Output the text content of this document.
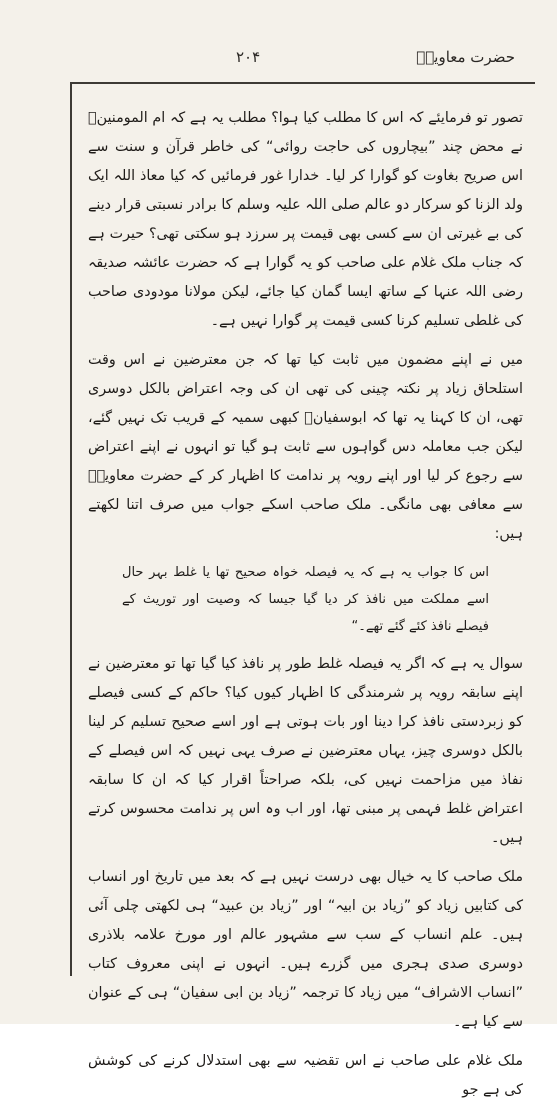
حضرت معاویہؓ
۲۰۴

تصور تو فرمایئے کہ اس کا مطلب کیا ہوا؟ مطلب یہ ہے کہ ام المومنینؓ نے محض چند ”بیچاروں کی حاجت روائی“ کی خاطر قرآن و سنت سے اس صریح بغاوت کو گوارا کر لیا۔ خدارا غور فرمائیں کہ کیا معاذ اللہ ایک ولد الزنا کو سرکار دو عالم صلی اللہ علیہ وسلم کا برادر نسبتی قرار دینے کی بے غیرتی ان سے کسی بھی قیمت پر سرزد ہو سکتی تھی؟ حیرت ہے کہ جناب ملک غلام علی صاحب کو یہ گوارا ہے کہ حضرت عائشہ صدیقہ رضی اللہ عنہا کے ساتھ ایسا گمان کیا جائے، لیکن مولانا مودودی صاحب کی غلطی تسلیم کرنا کسی قیمت پر گوارا نہیں ہے۔

میں نے اپنے مضمون میں ثابت کیا تھا کہ جن معترضین نے اس وقت استلحاق زیاد پر نکتہ چینی کی تھی ان کی وجہ اعتراض بالکل دوسری تھی، ان کا کہنا یہ تھا کہ ابوسفیانؓ کبھی سمیہ کے قریب تک نہیں گئے، لیکن جب معاملہ دس گواہوں سے ثابت ہو گیا تو انہوں نے اپنے اعتراض سے رجوع کر لیا اور اپنے رویہ پر ندامت کا اظہار کر کے حضرت معاویہؓ سے معافی بھی مانگی۔ ملک صاحب اسکے جواب میں صرف اتنا لکھتے ہیں:

اس کا جواب یہ ہے کہ یہ فیصلہ خواہ صحیح تھا یا غلط بہر حال اسے مملکت میں نافذ کر دیا گیا جیسا کہ وصیت اور توریث کے فیصلے نافذ کئے گئے تھے۔“

سوال یہ ہے کہ اگر یہ فیصلہ غلط طور پر نافذ کیا گیا تھا تو معترضین نے اپنے سابقہ رویہ پر شرمندگی کا اظہار کیوں کیا؟ حاکم کے کسی فیصلے کو زبردستی نافذ کرا دینا اور بات ہوتی ہے اور اسے صحیح تسلیم کر لینا بالکل دوسری چیز، یہاں معترضین نے صرف یہی نہیں کہ اس فیصلے کے نفاذ میں مزاحمت نہیں کی، بلکہ صراحتاً اقرار کیا کہ ان کا سابقہ اعتراض غلط فہمی پر مبنی تھا، اور اب وہ اس پر ندامت محسوس کرتے ہیں۔

ملک صاحب کا یہ خیال بھی درست نہیں ہے کہ بعد میں تاریخ اور انساب کی کتابیں زیاد کو ”زیاد بن ابیہ“ اور ”زیاد بن عبید“ ہی لکھتی چلی آئی ہیں۔ علم انساب کے سب سے مشہور عالم اور مورخ علامہ بلاذری دوسری صدی ہجری میں گزرے ہیں۔ انہوں نے اپنی معروف کتاب ”انساب الاشراف“ میں زیاد کا ترجمہ ”زیاد بن ابی سفیان“ ہی کے عنوان سے کیا ہے۔

ملک غلام علی صاحب نے اس تقضیہ سے بھی استدلال کرنے کی کوشش کی ہے جو
